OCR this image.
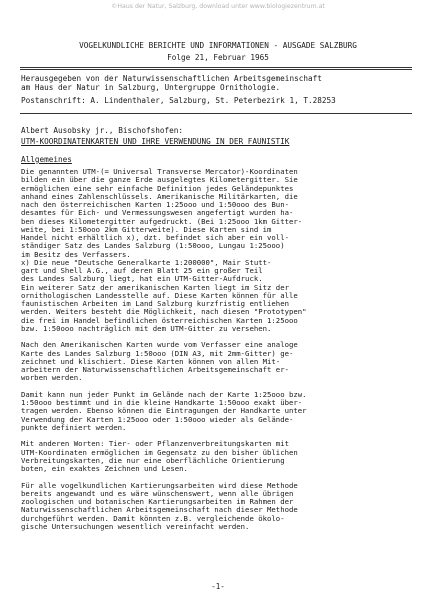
©Haus der Natur, Salzburg, download unter www.biologiezentrum.at
VOGELKUNDLICHE BERICHTE UND INFORMATIONEN - AUSGADE SALZBURG
Folge 21, Februar 1965
Herausgegeben von der Naturwissenschaftlichen Arbeitsgemeinschaft
am Haus der Natur in Salzburg, Untergruppe Ornithologie.
Postanschrift: A. Lindenthaler, Salzburg, St. Peterbezirk 1, T.28253
Albert Ausobsky jr., Bischofshofen:
UTM-KOORDINATENKARTEN UND IHRE VERWENDUNG IN DER FAUNISTIK
Allgemeines
Die genannten UTM-(= Universal Transverse Mercator)-Koordinaten
bilden ein über die ganze Erde ausgelegtes Kilometergitter. Sie
ermöglichen eine sehr einfache Definition jedes Geländepunktes
anhand eines Zahlenschlüssels. Amerikanische Militärkarten, die
nach den österreichischen Karten 1:25ooo und 1:50ooo des Bun-
desamtes für Eich- und Vermessungswesen angefertigt wurden ha-
ben dieses Kilometergitter aufgedruckt. (Bei 1:25ooo 1km Gitter-
weite, bei 1:50ooo 2km Gitterweite). Diese Karten sind im
Handel nicht erhältlich x), dzt. befindet sich aber ein voll-
ständiger Satz des Landes Salzburg (1:50ooo, Lungau 1:25ooo)
im Besitz des Verfassers.
x) Die neue "Deutsche Generalkarte 1:200000", Mair Stutt-
gart und Shell A.G., auf deren Blatt 25 ein großer Teil
des Landes Salzburg liegt, hat ein UTM-Gitter-Aufdruck.
Ein weiterer Satz der amerikanischen Karten liegt im Sitz der
ornithologischen Landesstelle auf. Diese Karten können für alle
faunistischen Arbeiten im Land Salzburg kurzfristig entliehen
werden. Weiters besteht die Möglichkeit, nach diesen "Prototypen"
die frei im Handel befindlichen österreichischen Karten 1:25ooo
bzw. 1:50ooo nachträglich mit dem UTM-Gitter zu versehen.
Nach den Amerikanischen Karten wurde vom Verfasser eine analoge
Karte des Landes Salzburg 1:50ooo (DIN A3, mit 2mm-Gitter) ge-
zeichnet und klischiert. Diese Karten können von allen Mit-
arbeitern der Naturwissenschaftlichen Arbeitsgemeinschaft er-
worben werden.
Damit kann nun jeder Punkt im Gelände nach der Karte 1:25ooo bzw.
1:50ooo bestimmt und in die kleine Handkarte 1:50ooo exakt über-
tragen werden. Ebenso können die Eintragungen der Handkarte unter
Verwendung der Karten 1:25ooo oder 1:50ooo wieder als Gelände-
punkte definiert werden.
Mit anderen Worten: Tier- oder Pflanzenverbreitungskarten mit
UTM-Koordinaten ermöglichen im Gegensatz zu den bisher üblichen
Verbreitungskarten, die nur eine oberflächliche Orientierung
boten, ein exaktes Zeichnen und Lesen.
Für alle vogelkundlichen Kartierungsarbeiten wird diese Methode
bereits angewandt und es wäre wünschenswert, wenn alle übrigen
zoologischen und botanischen Kartierungsarbeiten im Rahmen der
Naturwissenschaftlichen Arbeitsgemeinschaft nach dieser Methode
durchgeführt werden. Damit könnten z.B. vergleichende ökolo-
gische Untersuchungen wesentlich vereinfacht werden.
-1-
